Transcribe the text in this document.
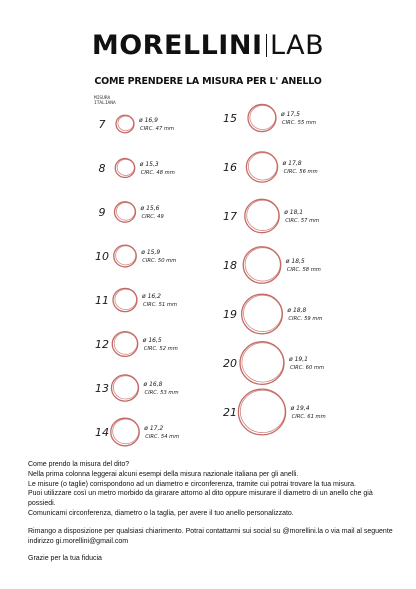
MORELLINI LAB
COME PRENDERE LA MISURA PER L' ANELLO
MISURA
ITALIANA
7	ø 16,9
CIRC. 47 mm
8	ø 15,3
CIRC. 48 mm
9	ø 15,6
CIRC. 49
10	ø 15,9
CIRC. 50 mm
11	ø 16,2
CIRC. 51 mm
12	ø 16,5
CIRC. 52 mm
13	ø 16,8
CIRC. 53 mm
14	ø 17,2
CIRC. 54 mm
15	ø 17,5
CIRC. 55 mm
16	ø 17,8
CIRC. 56 mm
17	ø 18,1
CIRC. 57 mm
18	ø 18,5
CIRC. 58 mm
19	ø 18,8
CIRC. 59 mm
20	ø 19,1
CIRC. 60 mm
21	ø 19,4
CIRC. 61 mm

Come prendo la misura del dito?

Nella prima colonna leggerai alcuni esempi della misura nazionale italiana per gli anelli.

Le misure (o taglie) corrispondono ad un diametro e circonferenza, tramite cui potrai trovare la tua misura.

Puoi utilizzare così un metro morbido da girarare attorno al dito oppure misurare il diametro di un anello che già possiedi.

Comunicami circonferenza, diametro o la taglia, per avere il tuo anello personalizzato.

Rimango a disposizione per qualsiasi chiarimento. Potrai contattarmi sui social su @morellini.la o via mail al seguente indirizzo gi.morellini@gmail.com

Grazie per la tua fiducia
